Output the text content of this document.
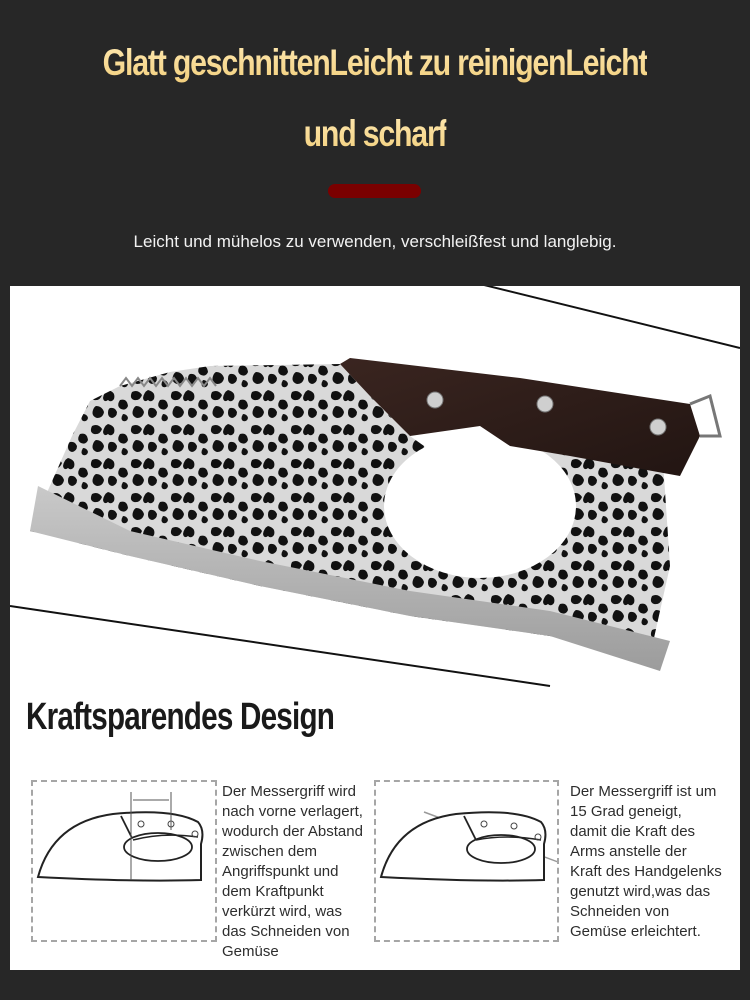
Glatt geschnittenLeicht zu reinigenLeicht
und scharf
Leicht und mühelos zu verwenden, verschleißfest und langlebig.
Kraftsparendes Design
Der Messergriff wird
nach vorne verlagert,
wodurch der Abstand
zwischen dem
Angriffspunkt und
dem Kraftpunkt
verkürzt wird, was
das Schneiden von
Gemüse
Der Messergriff ist um
15 Grad geneigt,
damit die Kraft des
Arms anstelle der
Kraft des Handgelenks
genutzt wird,was das
Schneiden von
Gemüse erleichtert.
